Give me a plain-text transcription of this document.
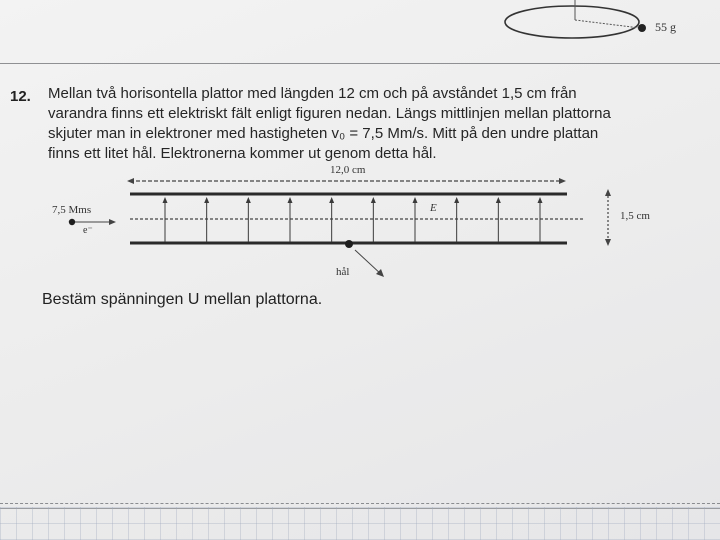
55 g
12. Mellan två horisontella plattor med längden 12 cm och på avståndet 1,5 cm från
varandra finns ett elektriskt fält enligt figuren nedan. Längs mittlinjen mellan plattorna
skjuter man in elektroner med hastigheten v₀ = 7,5 Mm/s. Mitt på den undre plattan
finns ett litet hål. Elektronerna kommer ut genom detta hål.
12,0 cm
7,5 Mms
e⁻
E
1,5 cm
hål
Bestäm spänningen U mellan plattorna.
